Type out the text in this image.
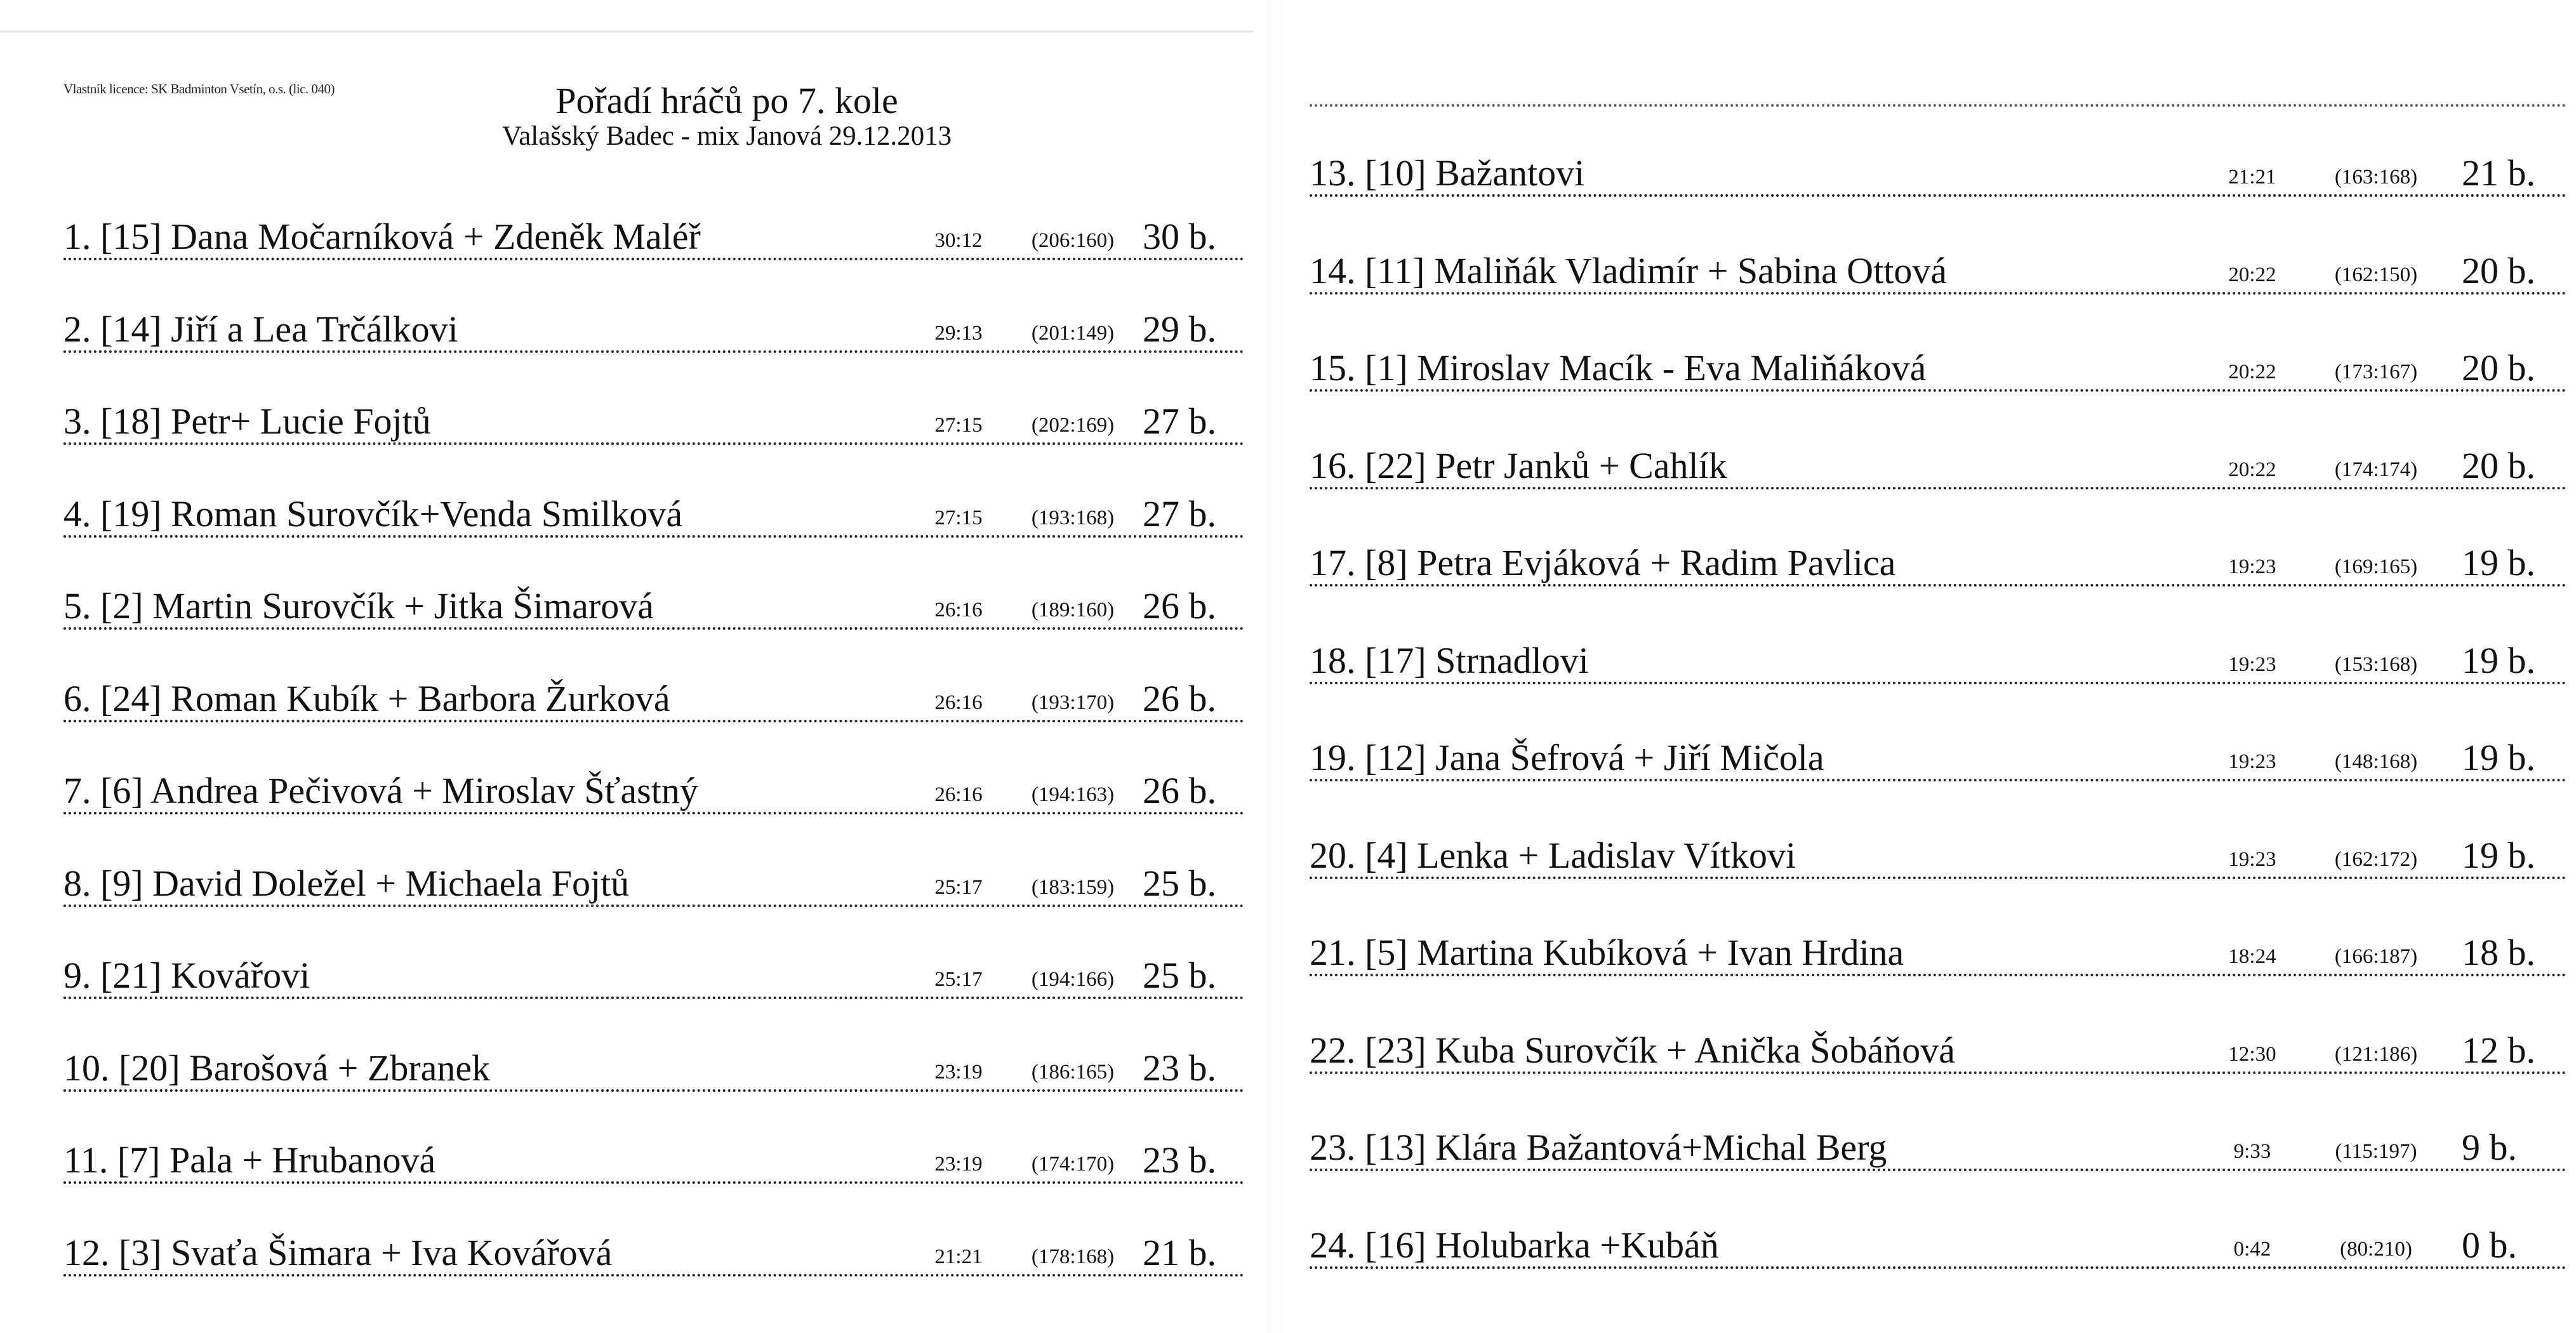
Vlastník licence: SK Badminton Vsetín, o.s. (lic. 040)	Pořadí hráčů po 7. kole
Valašský Badec - mix Janová 29.12.2013
1. [15] Dana Močarníková + Zdeněk Maléř	30:12	(206:160) 30 b.
2. [14] Jiří a Lea Trčálkovi	29:13	(201:149) 29 b.
3. [18] Petr+ Lucie Fojtů	27:15	(202:169) 27 b.
4. [19] Roman Surovčík+Venda Smilková	27:15	(193:168) 27 b.
5. [2] Martin Surovčík + Jitka Šimarová	26:16	(189:160) 26 b.
6. [24] Roman Kubík + Barbora Žurková	26:16	(193:170) 26 b.
7. [6] Andrea Pečivová + Miroslav Šťastný	26:16	(194:163) 26 b.
8. [9] David Doležel + Michaela Fojtů	25:17	(183:159) 25 b.
9. [21] Kovářovi	25:17	(194:166) 25 b.
10. [20] Barošová + Zbranek	23:19	(186:165) 23 b.
11. [7] Pala + Hrubanová	23:19	(174:170) 23 b.
12. [3] Svaťa Šimara + Iva Kovářová	21:21	(178:168) 21 b.
13. [10] Bažantovi	21:21	(163:168)	21 b.
14. [11] Maliňák Vladimír + Sabina Ottová	20:22	(162:150)	20 b.
15. [1] Miroslav Macík - Eva Maliňáková	20:22	(173:167)	20 b.
16. [22] Petr Janků + Cahlík	20:22	(174:174)	20 b.
17. [8] Petra Evjáková + Radim Pavlica	19:23	(169:165)	19 b.
18. [17] Strnadlovi	19:23	(153:168)	19 b.
19. [12] Jana Šefrová + Jiří Mičola	19:23	(148:168)	19 b.
20. [4] Lenka + Ladislav Vítkovi	19:23	(162:172)	19 b.
21. [5] Martina Kubíková + Ivan Hrdina	18:24	(166:187)	18 b.
22. [23] Kuba Surovčík + Anička Šobáňová	12:30	(121:186)	12 b.
23. [13] Klára Bažantová+Michal Berg	9:33	(115:197)	9 b.
24. [16] Holubarka +Kubáň	0:42	(80:210)	0 b.
